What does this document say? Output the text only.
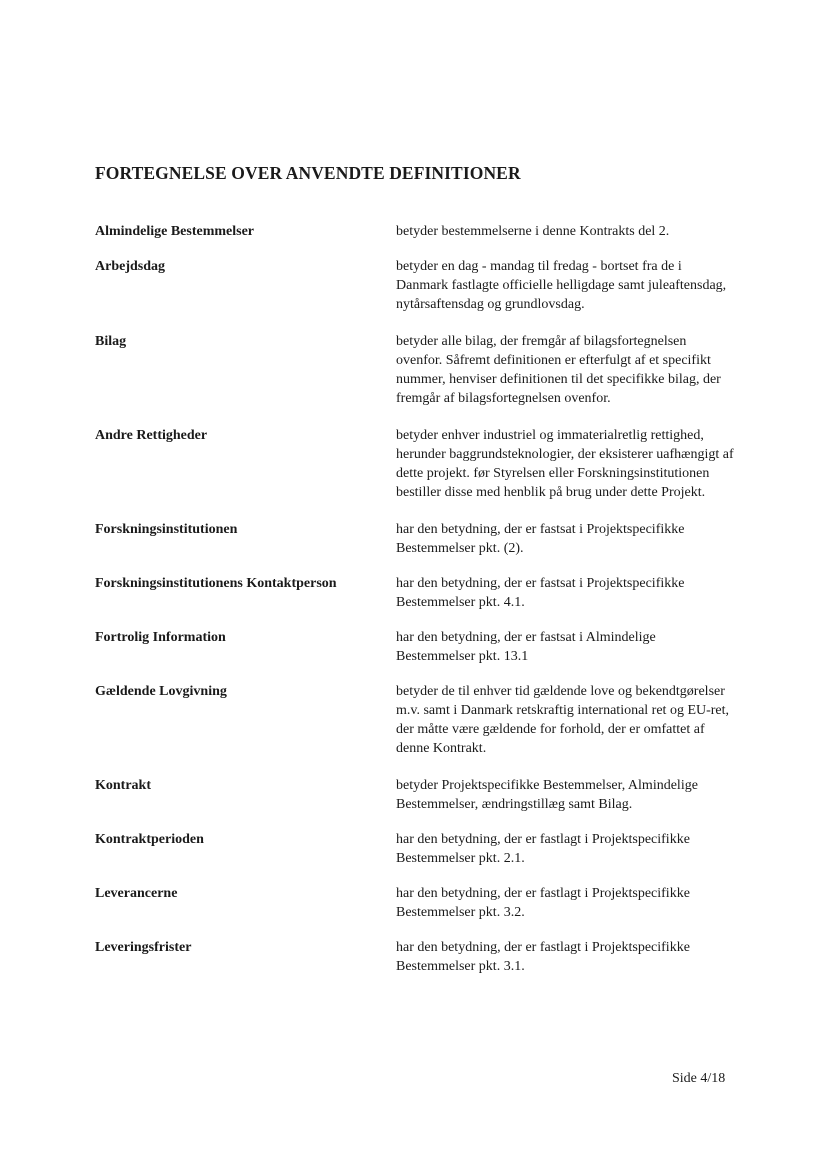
FORTEGNELSE OVER ANVENDTE DEFINITIONER
Almindelige Bestemmelser	betyder bestemmelserne i denne Kontrakts del 2.
Arbejdsdag	betyder en dag - mandag til fredag - bortset fra de i Danmark fastlagte officielle helligdage samt juleaftensdag, nytårsaftensdag og grundlovsdag.
Bilag	betyder alle bilag, der fremgår af bilagsfortegnelsen ovenfor. Såfremt definitionen er efterfulgt af et specifikt nummer, henviser definitionen til det specifikke bilag, der fremgår af bilagsfortegnelsen ovenfor.
Andre Rettigheder	betyder enhver industriel og immaterialretlig rettighed, herunder baggrundsteknologier, der eksisterer uafhængigt af dette projekt. før Styrelsen eller Forskningsinstitutionen bestiller disse med henblik på brug under dette Projekt.
Forskningsinstitutionen	har den betydning, der er fastsat i Projektspecifikke Bestemmelser pkt. (2).
Forskningsinstitutionens Kontaktperson	har den betydning, der er fastsat i Projektspecifikke Bestemmelser pkt. 4.1.
Fortrolig Information	har den betydning, der er fastsat i Almindelige Bestemmelser pkt. 13.1
Gældende Lovgivning	betyder de til enhver tid gældende love og bekendtgørelser m.v. samt i Danmark retskraftig international ret og EU-ret, der måtte være gældende for forhold, der er omfattet af denne Kontrakt.
Kontrakt	betyder Projektspecifikke Bestemmelser, Almindelige Bestemmelser, ændringstillæg samt Bilag.
Kontraktperioden	har den betydning, der er fastlagt i Projektspecifikke Bestemmelser pkt. 2.1.
Leverancerne	har den betydning, der er fastlagt i Projektspecifikke Bestemmelser pkt. 3.2.
Leveringsfrister	har den betydning, der er fastlagt i Projektspecifikke Bestemmelser pkt. 3.1.
Side 4/18
